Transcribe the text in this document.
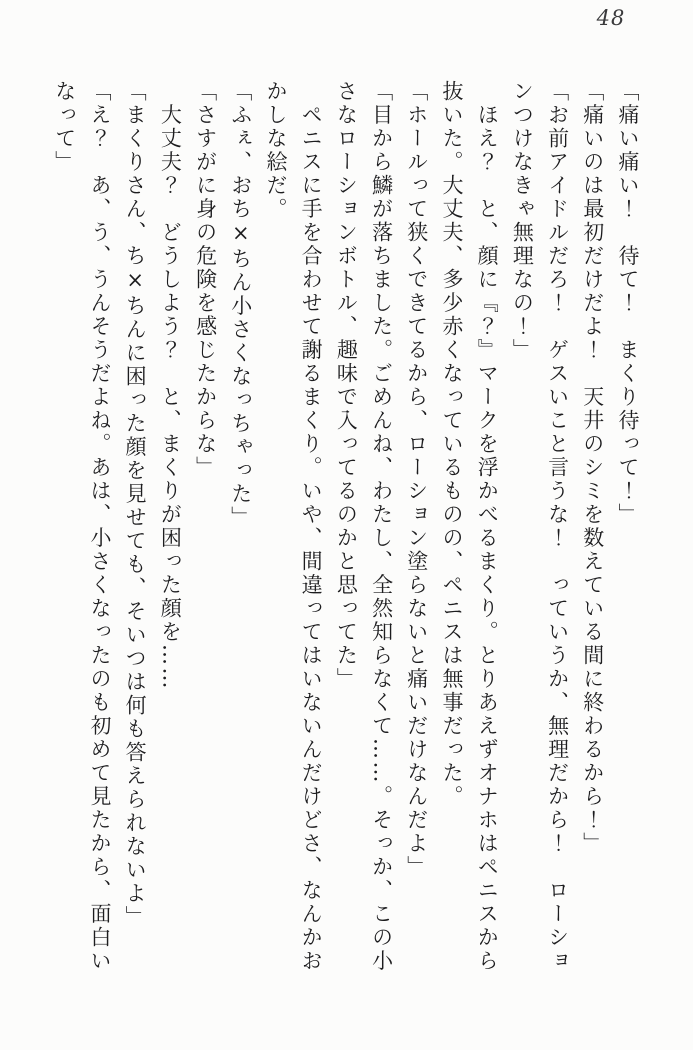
48
「痛い痛い！　待て！　まくり待って！」
「痛いのは最初だけだよ！　天井のシミを数えている間に終わるから！」
「お前アイドルだろ！　ゲスいこと言うな！　っていうか、無理だから！　ローショ
ンつけなきゃ無理なの！」
　ほえ？　と、顔に『？』マークを浮かべるまくり。とりあえずオナホはペニスから
抜いた。大丈夫、多少赤くなっているものの、ペニスは無事だった。
「ホールって狭くできてるから、ローション塗らないと痛いだけなんだよ」
「目から鱗が落ちました。ごめんね、わたし、全然知らなくて……。そっか、この小
さなローションボトル、趣味で入ってるのかと思ってた」
　ペニスに手を合わせて謝るまくり。いや、間違ってはいないんだけどさ、なんかお
かしな絵だ。
「ふぇ、おち×ちん小さくなっちゃった」
「さすがに身の危険を感じたからな」
　大丈夫？　どうしよう？　と、まくりが困った顔を……
「まくりさん、ち×ちんに困った顔を見せても、そいつは何も答えられないよ」
「え？　あ、う、うんそうだよね。あは、小さくなったのも初めて見たから、面白い
なって」
